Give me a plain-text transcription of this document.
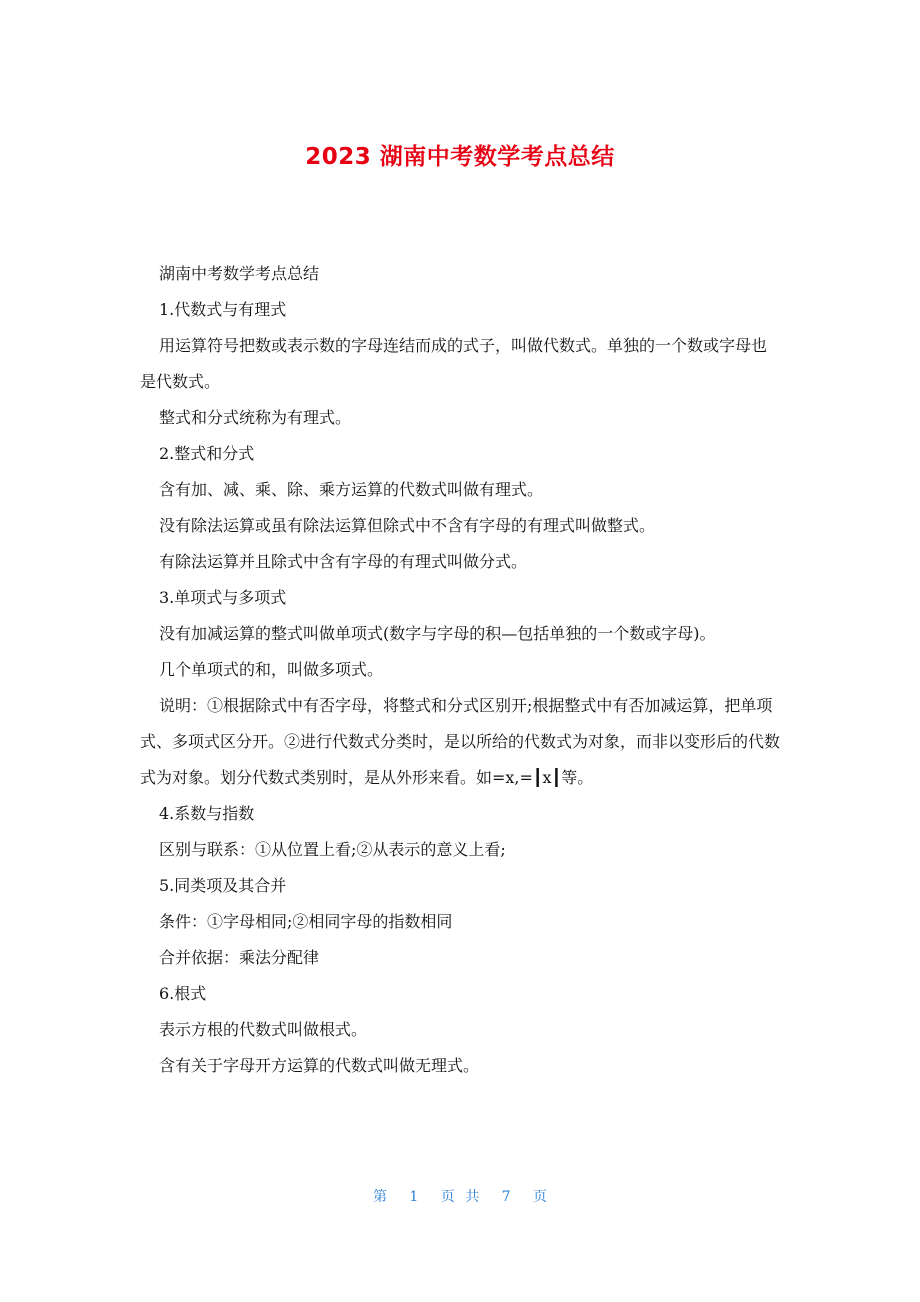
2023 湖南中考数学考点总结

湖南中考数学考点总结

1.代数式与有理式

用运算符号把数或表示数的字母连结而成的式子，叫做代数式。单独的一个数或字母也是代数式。

整式和分式统称为有理式。

2.整式和分式

含有加、减、乘、除、乘方运算的代数式叫做有理式。

没有除法运算或虽有除法运算但除式中不含有字母的有理式叫做整式。

有除法运算并且除式中含有字母的有理式叫做分式。

3.单项式与多项式

没有加减运算的整式叫做单项式(数字与字母的积—包括单独的一个数或字母)。

几个单项式的和，叫做多项式。

说明：①根据除式中有否字母，将整式和分式区别开;根据整式中有否加减运算，把单项式、多项式区分开。②进行代数式分类时，是以所给的代数式为对象，而非以变形后的代数式为对象。划分代数式类别时，是从外形来看。如=x,=┃x┃等。

4.系数与指数

区别与联系：①从位置上看;②从表示的意义上看;

5.同类项及其合并

条件：①字母相同;②相同字母的指数相同

合并依据：乘法分配律

6.根式

表示方根的代数式叫做根式。

含有关于字母开方运算的代数式叫做无理式。

第 1 页 共 7 页
